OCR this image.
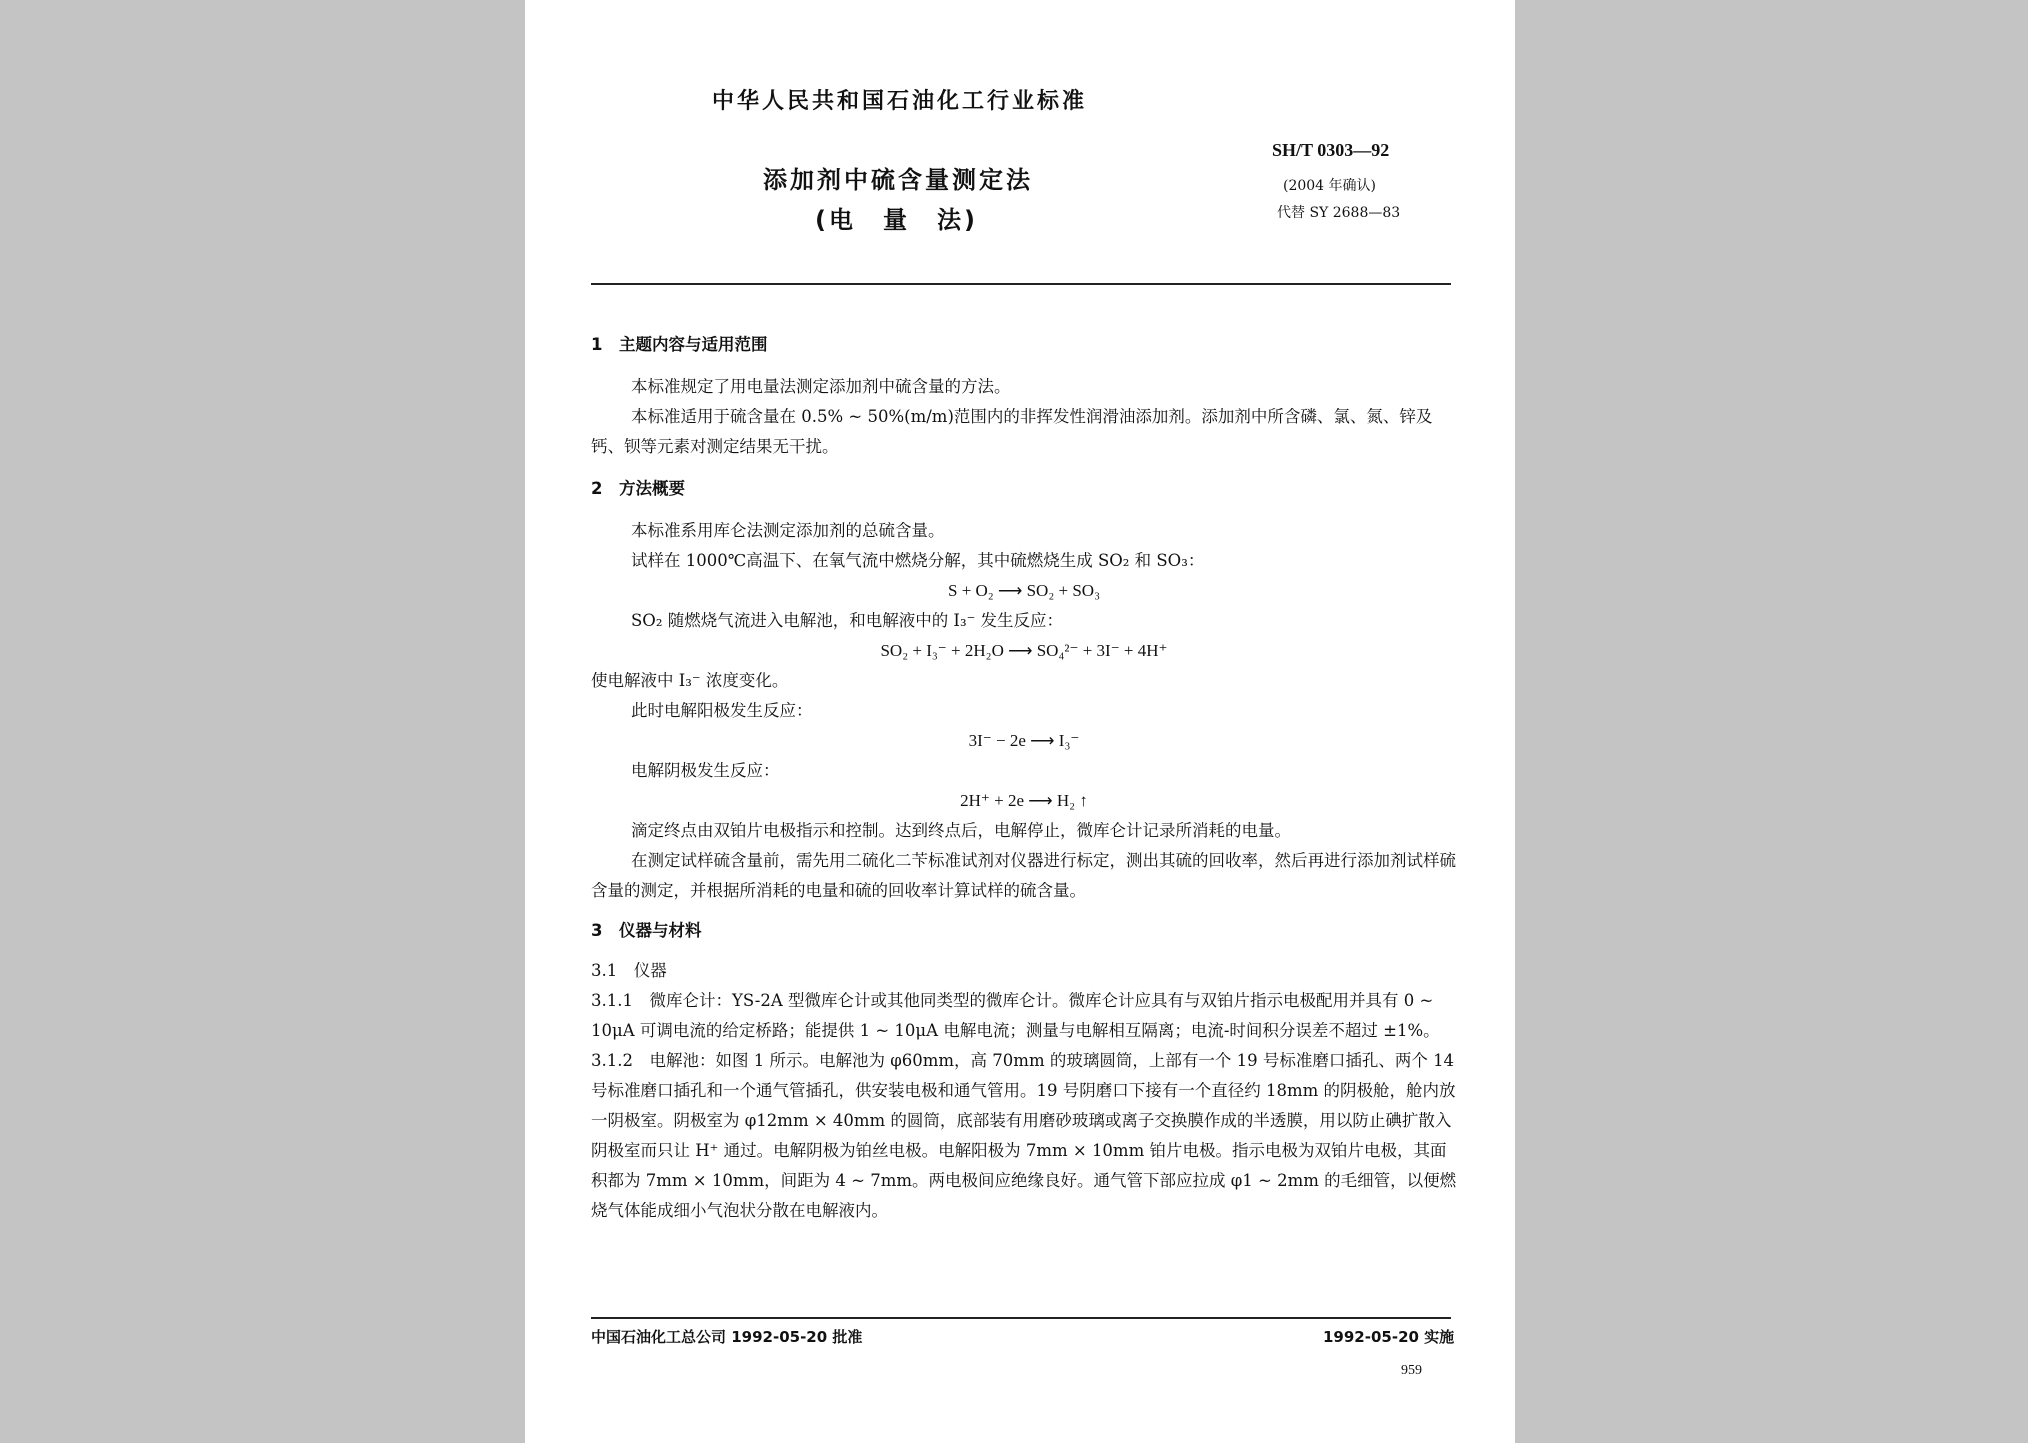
中华人民共和国石油化工行业标准
添加剂中硫含量测定法
(电　量　法)
SH/T 0303—92
(2004 年确认)
代替 SY 2688—83
1　主题内容与适用范围
本标准规定了用电量法测定添加剂中硫含量的方法。
本标准适用于硫含量在 0.5% ~ 50%(m/m)范围内的非挥发性润滑油添加剂。添加剂中所含磷、氯、氮、锌及钙、钡等元素对测定结果无干扰。
2　方法概要
本标准系用库仑法测定添加剂的总硫含量。
试样在 1000℃高温下、在氧气流中燃烧分解，其中硫燃烧生成 SO₂ 和 SO₃：
S + O₂ ⟶ SO₂ + SO₃
SO₂ 随燃烧气流进入电解池，和电解液中的 I₃⁻ 发生反应：
SO₂ + I₃⁻ + 2H₂O ⟶ SO₄²⁻ + 3I⁻ + 4H⁺
使电解液中 I₃⁻ 浓度变化。
此时电解阳极发生反应：
3I⁻ − 2e ⟶ I₃⁻
电解阴极发生反应：
2H⁺ + 2e ⟶ H₂ ↑
滴定终点由双铂片电极指示和控制。达到终点后，电解停止，微库仑计记录所消耗的电量。
在测定试样硫含量前，需先用二硫化二苄标准试剂对仪器进行标定，测出其硫的回收率，然后再进行添加剂试样硫含量的测定，并根据所消耗的电量和硫的回收率计算试样的硫含量。
3　仪器与材料
3.1　仪器
3.1.1　微库仑计：YS-2A 型微库仑计或其他同类型的微库仑计。微库仑计应具有与双铂片指示电极配用并具有 0 ~ 10μA 可调电流的给定桥路；能提供 1 ~ 10μA 电解电流；测量与电解相互隔离；电流-时间积分误差不超过 ±1%。
3.1.2　电解池：如图 1 所示。电解池为 φ60mm，高 70mm 的玻璃圆筒，上部有一个 19 号标准磨口插孔、两个 14 号标准磨口插孔和一个通气管插孔，供安装电极和通气管用。19 号阴磨口下接有一个直径约 18mm 的阴极舱，舱内放一阴极室。阴极室为 φ12mm × 40mm 的圆筒，底部装有用磨砂玻璃或离子交换膜作成的半透膜，用以防止碘扩散入阴极室而只让 H⁺ 通过。电解阴极为铂丝电极。电解阳极为 7mm × 10mm 铂片电极。指示电极为双铂片电极，其面积都为 7mm × 10mm，间距为 4 ~ 7mm。两电极间应绝缘良好。通气管下部应拉成 φ1 ~ 2mm 的毛细管，以便燃烧气体能成细小气泡状分散在电解液内。
中国石油化工总公司 1992-05-20 批准	1992-05-20 实施
959
